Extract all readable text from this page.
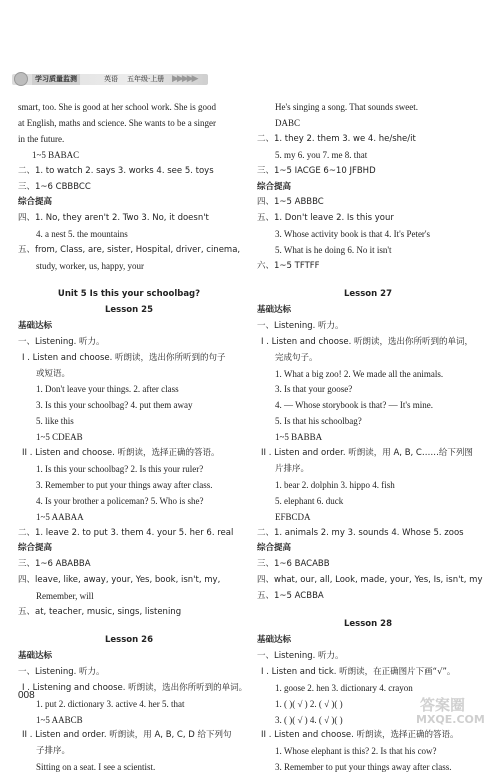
学习质量监测	英语 五年级·上册 ▶▶▶▶▶
smart, too. She is good at her school work. She is good
at English, maths and science. She wants to be a singer
in the future.
1~5 BABAC
二、1. to watch 2. says 3. works 4. see 5. toys
三、1~6 CBBBCC
综合提高
四、1. No, they aren't 2. Two 3. No, it doesn't
4. a nest 5. the mountains
五、from, Class, are, sister, Hospital, driver, cinema,
study, worker, us, happy, your
Unit 5 Is this your schoolbag?
Lesson 25
基础达标
一、Listening. 听力。
I . Listen and choose. 听朗读，选出你所听到的句子
或短语。
1. Don't leave your things. 2. after class
3. Is this your schoolbag? 4. put them away
5. like this
1~5 CDEAB
II . Listen and choose. 听朗读，选择正确的答语。
1. Is this your schoolbag? 2. Is this your ruler?
3. Remember to put your things away after class.
4. Is your brother a policeman? 5. Who is she?
1~5 AABAA
二、1. leave 2. to put 3. them 4. your 5. her 6. real
综合提高
三、1~6 ABABBA
四、leave, like, away, your, Yes, book, isn't, my,
Remember, will
五、at, teacher, music, sings, listening
Lesson 26
基础达标
一、Listening. 听力。
I . Listening and choose. 听朗读，选出你所听到的单词。
1. put 2. dictionary 3. active 4. her 5. that
1~5 AABCB
II . Listen and order. 听朗读，用 A, B, C, D 给下列句
子排序。
Sitting on a seat. I see a scientist.
He's singing a song. That sounds sweet.
DABC
二、1. they 2. them 3. we 4. he/she/it
5. my 6. you 7. me 8. that
三、1~5 IACGE 6~10 JFBHD
综合提高
四、1~5 ABBBC
五、1. Don't leave 2. Is this your
3. Whose activity book is that 4. It's Peter's
5. What is he doing 6. No it isn't
六、1~5 TFTFF
Lesson 27
基础达标
一、Listening. 听力。
I . Listen and choose. 听朗读，选出你所听到的单词，
完成句子。
1. What a big zoo! 2. We made all the animals.
3. Is that your goose?
4. — Whose storybook is that? — It's mine.
5. Is that his schoolbag?
1~5 BABBA
II . Listen and order. 听朗读，用 A, B, C……给下列图
片排序。
1. bear 2. dolphin 3. hippo 4. fish
5. elephant 6. duck
EFBCDA
二、1. animals 2. my 3. sounds 4. Whose 5. zoos
综合提高
三、1~6 BACABB
四、what, our, all, Look, made, your, Yes, Is, isn't, my
五、1~5 ACBBA
Lesson 28
基础达标
一、Listening. 听力。
I . Listen and tick. 听朗读，在正确图片下画“√”。
1. goose 2. hen 3. dictionary 4. crayon
1. ( )( √ ) 2. ( √ )( )
3. ( )( √ ) 4. ( √ )( )
II . Listen and choose. 听朗读，选择正确的答语。
1. Whose elephant is this? 2. Is that his cow?
3. Remember to put your things away after class.
008
答案圈
MXQE.COM
